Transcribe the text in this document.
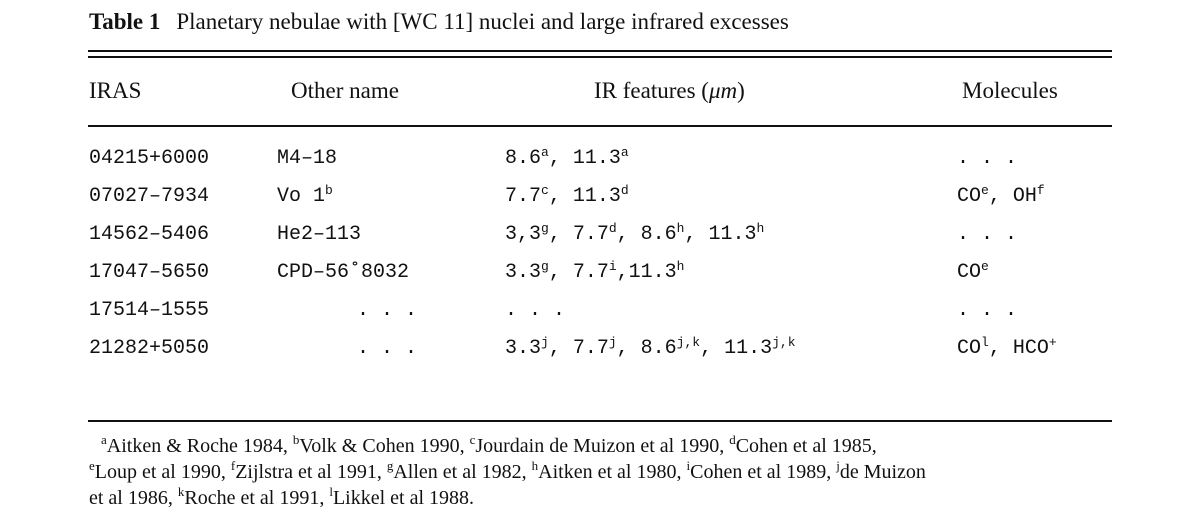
Table 1 Planetary nebulae with [WC 11] nuclei and large infrared excesses
IRAS	Other name	IR features (μm)	Molecules
04215+6000	M4–18	8.6$^a$, 11.3$^a$	. . .
07027–7934	Vo 1$^b$	7.7$^c$, 11.3$^d$	$CO^e$, $OH^f$
14562–5406	He2–113	3,3$^g$, 7.7$^d$, 8.6$^h$, 11.3$^h$	. . .
17047–5650	CPD–56˚8032	3.3$^g$, 7.7$^i$,11.3$^h$	$CO^e$
17514–1555	. . .	. . .	. . .
21282+5050	. . .	3.3$^j$, 7.7$^j$, 8.6$^{j,k}$, 11.3$^{j,k}$	$CO^l$, HCO+
$^a$Aitken & Roche 1984, $^b$Volk & Cohen 1990, $^c$Jourdain de Muizon et al 1990, $^d$Cohen et al 1985,
$^e$Loup et al 1990, $^f$Zijlstra et al 1991, $^g$Allen et al 1982, $^h$Aitken et al 1980, $^i$Cohen et al 1989, $^j$de Muizon
et al 1986, $^k$Roche et al 1991, $^l$Likkel et al 1988.
